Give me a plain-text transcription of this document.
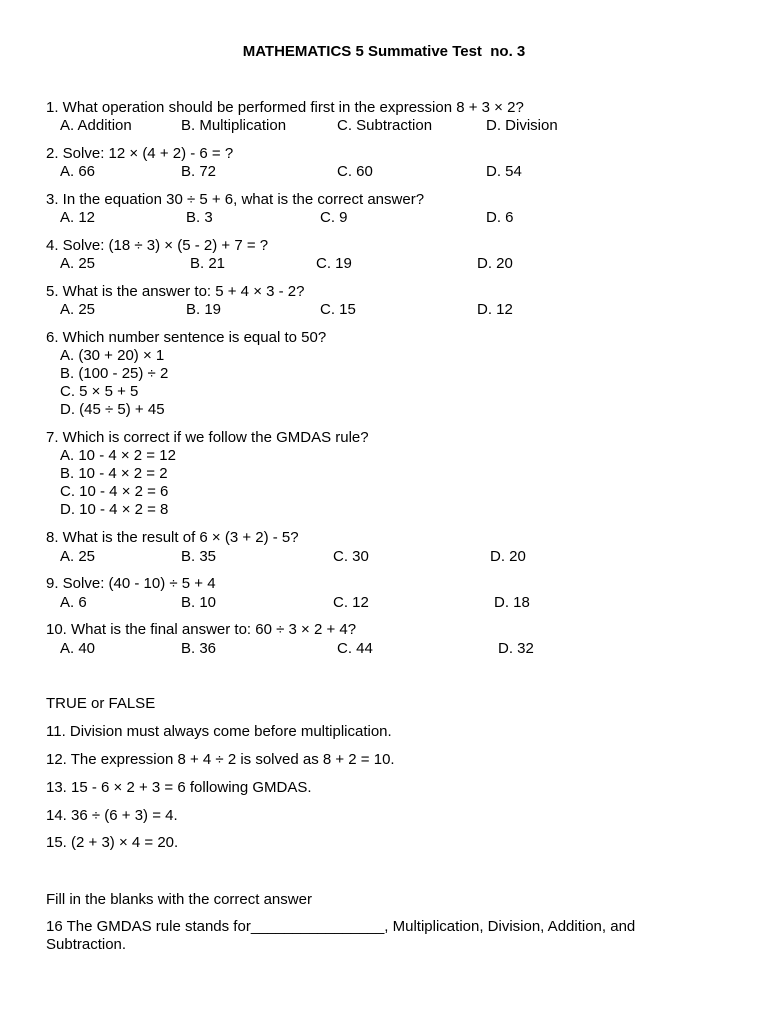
MATHEMATICS 5 Summative Test  no. 3
1. What operation should be performed first in the expression 8 + 3 × 2?
A. Addition	B. Multiplication	C. Subtraction	D. Division
2. Solve: 12 × (4 + 2) - 6 = ?
A. 66	B. 72	C. 60	D. 54
3. In the equation 30 ÷ 5 + 6, what is the correct answer?
A. 12	B. 3	C. 9	D. 6
4. Solve: (18 ÷ 3) × (5 - 2) + 7 = ?
A. 25	B. 21	C. 19	D. 20
5. What is the answer to: 5 + 4 × 3 - 2?
A. 25	B. 19	C. 15	D. 12
6. Which number sentence is equal to 50?
A. (30 + 20) × 1
B. (100 - 25) ÷ 2
C. 5 × 5 + 5
D. (45 ÷ 5) + 45
7. Which is correct if we follow the GMDAS rule?
A. 10 - 4 × 2 = 12
B. 10 - 4 × 2 = 2
C. 10 - 4 × 2 = 6
D. 10 - 4 × 2 = 8
8. What is the result of 6 × (3 + 2) - 5?
A. 25	B. 35	C. 30	D. 20
9. Solve: (40 - 10) ÷ 5 + 4
A. 6	B. 10	C. 12	D. 18
10. What is the final answer to: 60 ÷ 3 × 2 + 4?
A. 40	B. 36	C. 44	D. 32
TRUE or FALSE
11. Division must always come before multiplication.
12. The expression 8 + 4 ÷ 2 is solved as 8 + 2 = 10.
13. 15 - 6 × 2 + 3 = 6 following GMDAS.
14. 36 ÷ (6 + 3) = 4.
15. (2 + 3) × 4 = 20.
Fill in the blanks with the correct answer
16 The GMDAS rule stands for________________, Multiplication, Division, Addition, and
Subtraction.
